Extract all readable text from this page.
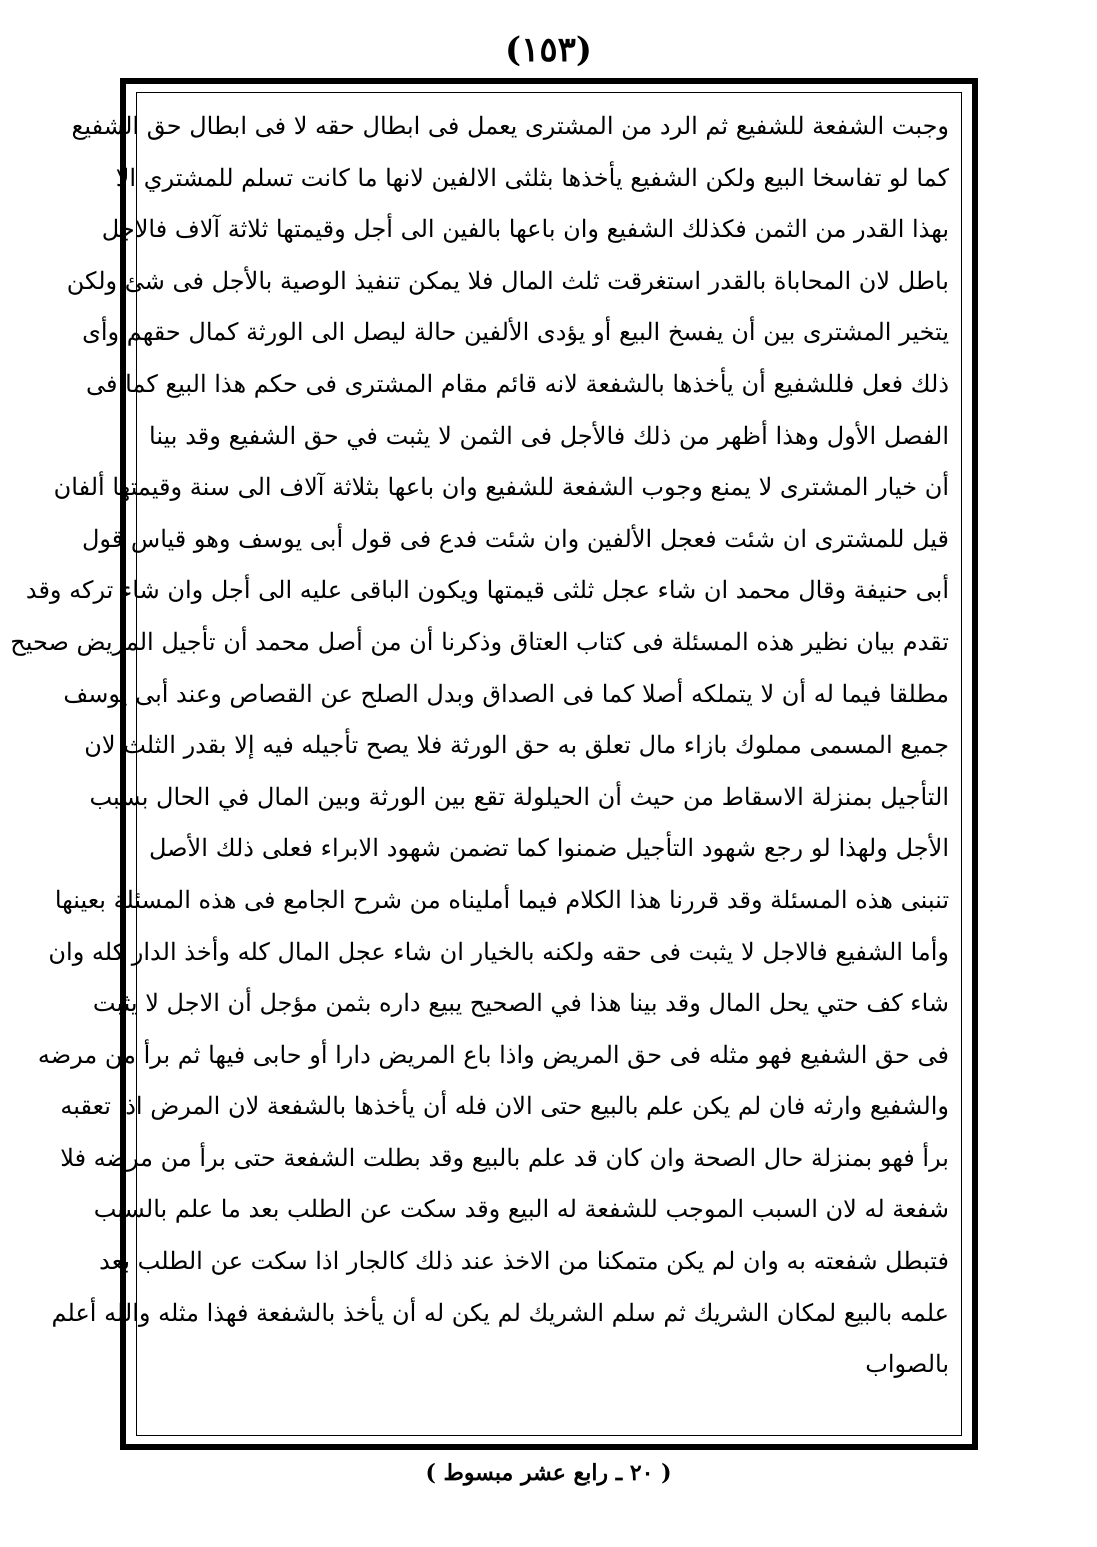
(١٥٣)
وجبت الشفعة للشفيع ثم الرد من المشترى يعمل فى ابطال حقه لا فى ابطال حق الشفيع
كما لو تفاسخا البيع ولكن الشفيع يأخذها بثلثى الالفين لانها ما كانت تسلم للمشتري الا
بهذا القدر من الثمن فكذلك الشفيع وان باعها بالفين الى أجل وقيمتها ثلاثة آلاف فالاجل
باطل لان المحاباة بالقدر استغرقت ثلث المال فلا يمكن تنفيذ الوصية بالأجل فى شئ ولكن
يتخير المشترى بين أن يفسخ البيع أو يؤدى الألفين حالة ليصل الى الورثة كمال حقهم وأى
ذلك فعل فللشفيع أن يأخذها بالشفعة لانه قائم مقام المشترى فى حكم هذا البيع كما فى
الفصل الأول وهذا أظهر من ذلك فالأجل فى الثمن لا يثبت في حق الشفيع وقد بينا
أن خيار المشترى لا يمنع وجوب الشفعة للشفيع وان باعها بثلاثة آلاف الى سنة وقيمتها ألفان
قيل للمشترى ان شئت فعجل الألفين وان شئت فدع فى قول أبى يوسف وهو قياس قول
أبى حنيفة وقال محمد ان شاء عجل ثلثى قيمتها ويكون الباقى عليه الى أجل وان شاء تركه وقد
تقدم بيان نظير هذه المسئلة فى كتاب العتاق وذكرنا أن من أصل محمد أن تأجيل المريض صحيح
مطلقا فيما له أن لا يتملكه أصلا كما فى الصداق وبدل الصلح عن القصاص وعند أبى يوسف
جميع المسمى مملوك بازاء مال تعلق به حق الورثة فلا يصح تأجيله فيه إلا بقدر الثلث لان
التأجيل بمنزلة الاسقاط من حيث أن الحيلولة تقع بين الورثة وبين المال في الحال بسبب
الأجل ولهذا لو رجع شهود التأجيل ضمنوا كما تضمن شهود الابراء فعلى ذلك الأصل
تنبنى هذه المسئلة وقد قررنا هذا الكلام فيما أمليناه من شرح الجامع فى هذه المسئلة بعينها
وأما الشفيع فالاجل لا يثبت فى حقه ولكنه بالخيار ان شاء عجل المال كله وأخذ الدار كله وان
شاء كف حتي يحل المال وقد بينا هذا في الصحيح يبيع داره بثمن مؤجل أن الاجل لا يثبت
فى حق الشفيع فهو مثله فى حق المريض واذا باع المريض دارا أو حابى فيها ثم برأ من مرضه
والشفيع وارثه فان لم يكن علم بالبيع حتى الان فله أن يأخذها بالشفعة لان المرض اذا تعقبه
برأ فهو بمنزلة حال الصحة وان كان قد علم بالبيع وقد بطلت الشفعة حتى برأ من مرضه فلا
شفعة له لان السبب الموجب للشفعة له البيع وقد سكت عن الطلب بعد ما علم بالسبب
فتبطل شفعته به وان لم يكن متمكنا من الاخذ عند ذلك كالجار اذا سكت عن الطلب بعد
علمه بالبيع لمكان الشريك ثم سلم الشريك لم يكن له أن يأخذ بالشفعة فهذا مثله والله أعلم
بالصواب
( ٢٠ ـ رابع عشر مبسوط )
